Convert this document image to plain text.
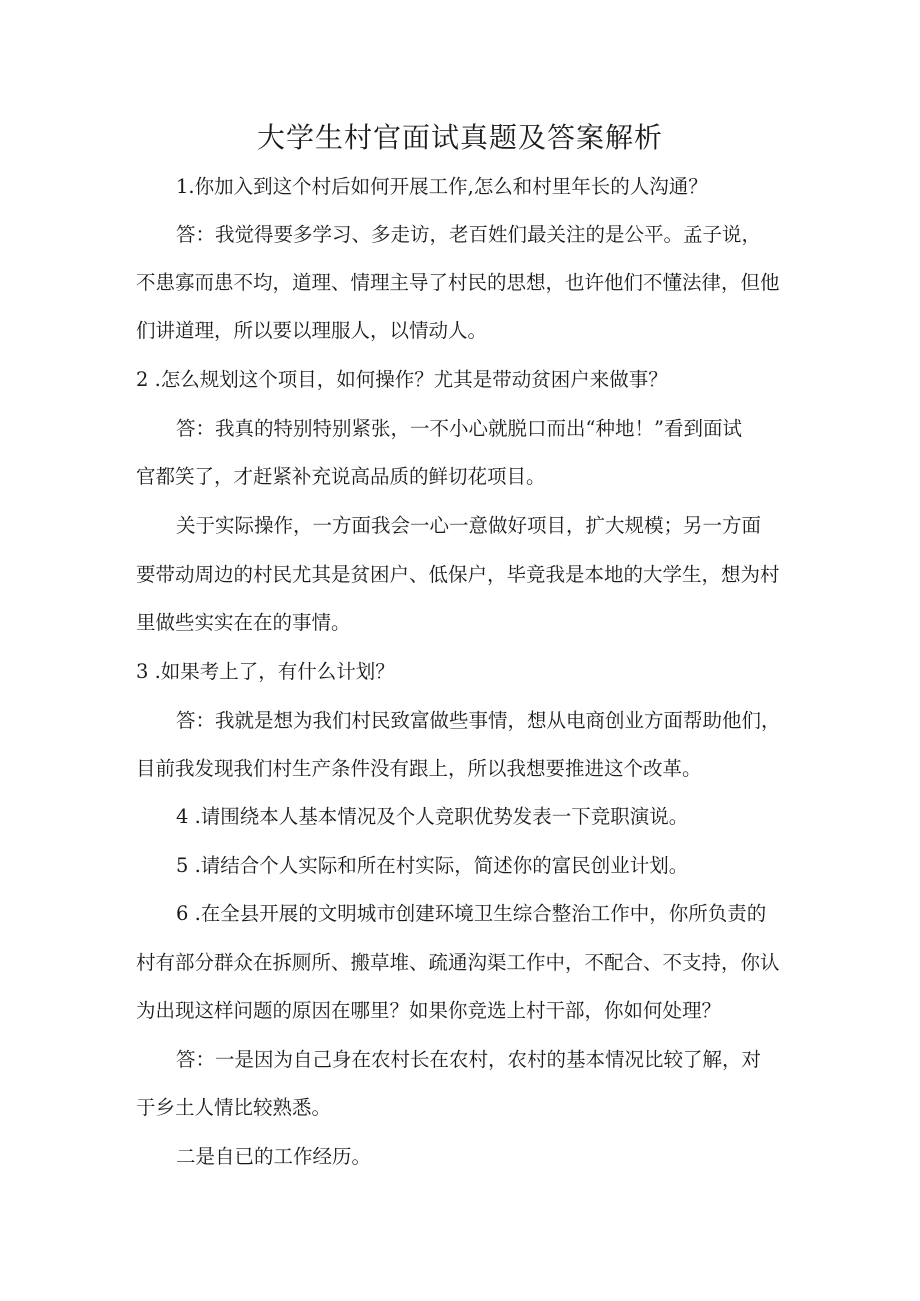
大学生村官面试真题及答案解析
1.你加入到这个村后如何开展工作,怎么和村里年长的人沟通？
答：我觉得要多学习、多走访，老百姓们最关注的是公平。孟子说，
不患寡而患不均，道理、情理主导了村民的思想，也许他们不懂法律，但他
们讲道理，所以要以理服人，以情动人。
2 .怎么规划这个项目，如何操作？尤其是带动贫困户来做事？
答：我真的特别特别紧张，一不小心就脱口而出“种地！”看到面试
官都笑了，才赶紧补充说高品质的鲜切花项目。
关于实际操作，一方面我会一心一意做好项目，扩大规模；另一方面
要带动周边的村民尤其是贫困户、低保户，毕竟我是本地的大学生，想为村
里做些实实在在的事情。
3 .如果考上了，有什么计划？
答：我就是想为我们村民致富做些事情，想从电商创业方面帮助他们，
目前我发现我们村生产条件没有跟上，所以我想要推进这个改革。
4 .请围绕本人基本情况及个人竞职优势发表一下竞职演说。
5 .请结合个人实际和所在村实际，简述你的富民创业计划。
6 .在全县开展的文明城市创建环境卫生综合整治工作中，你所负责的
村有部分群众在拆厕所、搬草堆、疏通沟渠工作中，不配合、不支持，你认
为出现这样问题的原因在哪里？如果你竞选上村干部，你如何处理？
答：一是因为自己身在农村长在农村，农村的基本情况比较了解，对
于乡土人情比较熟悉。
二是自已的工作经历。
